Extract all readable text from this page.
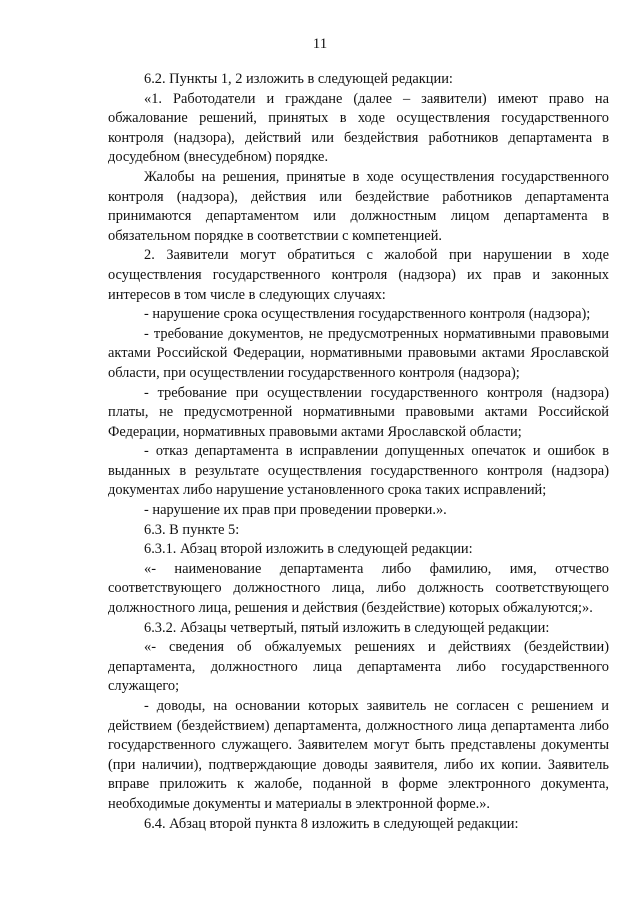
11

6.2. Пункты 1, 2 изложить в следующей редакции:

«1. Работодатели и граждане (далее – заявители) имеют право на обжалование решений, принятых в ходе осуществления государственного контроля (надзора), действий или бездействия работников департамента в досудебном (внесудебном) порядке.

Жалобы на решения, принятые в ходе осуществления государственного контроля (надзора), действия или бездействие работников департамента принимаются департаментом или должностным лицом департамента в обязательном порядке в соответствии с компетенцией.

2. Заявители могут обратиться с жалобой при нарушении в ходе осуществления государственного контроля (надзора) их прав и законных интересов в том числе в следующих случаях:

- нарушение срока осуществления государственного контроля (надзора);

- требование документов, не предусмотренных нормативными правовыми актами Российской Федерации, нормативными правовыми актами Ярославской области, при осуществлении государственного контроля (надзора);

- требование при осуществлении государственного контроля (надзора) платы, не предусмотренной нормативными правовыми актами Российской Федерации, нормативных правовыми актами Ярославской области;

- отказ департамента в исправлении допущенных опечаток и ошибок в выданных в результате осуществления государственного контроля (надзора) документах либо нарушение установленного срока таких исправлений;

- нарушение их прав при проведении проверки.».

6.3. В пункте 5:

6.3.1. Абзац второй изложить в следующей редакции:

«- наименование департамента либо фамилию, имя, отчество соответствующего должностного лица, либо должность соответствующего должностного лица, решения и действия (бездействие) которых обжалуются;».

6.3.2. Абзацы четвертый, пятый изложить в следующей редакции:

«- сведения об обжалуемых решениях и действиях (бездействии) департамента, должностного лица департамента либо государственного служащего;

- доводы, на основании которых заявитель не согласен с решением и действием (бездействием) департамента, должностного лица департамента либо государственного служащего. Заявителем могут быть представлены документы (при наличии), подтверждающие доводы заявителя, либо их копии. Заявитель вправе приложить к жалобе, поданной в форме электронного документа, необходимые документы и материалы в электронной форме.».

6.4. Абзац второй пункта 8 изложить в следующей редакции:
